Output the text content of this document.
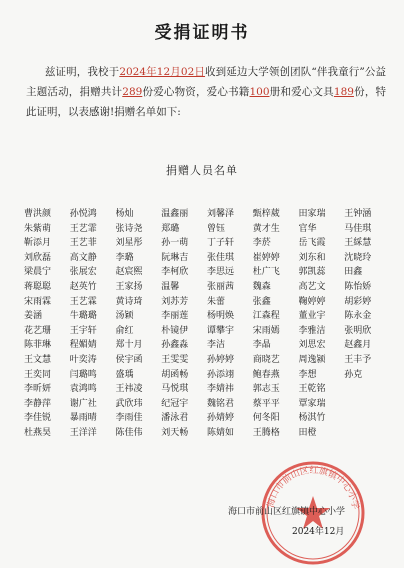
受捐证明书
兹证明，我校于2024年12月02日收到延边大学领创团队“伴我童行”公益主题活动，捐赠共计289份爱心物资，爱心书籍100册和爱心文具189份，特此证明，以表感谢!捐赠名单如下:
捐赠人员名单
曹洪颜	孙悦鸿	杨灿	温鑫丽	刘馨泽	甄梓葳	田家瑞	王钟涵
朱紫萌	王艺霏	张诗尧	郑璐	曾钰	黄才生	官华	马佳琪
靳添月	王艺菲	刘星彤	孙一萌	丁子轩	李菸	岳飞霞	王綵慧
刘欣磊	高文静	李璐	阮琳吉	张佳琪	崔婷婷	刘东和	沈晓玲
梁晨宁	张展宏	赵宸熙	李柯欣	李思远	杜广飞	郭凯蕊	田鑫
蒋聪聪	赵英竹	王家扬	温馨	张丽茜	魏森	高艺文	陈怡娇
宋雨霖	王艺霖	黄诗琦	刘苏芳	朱蕾	张鑫	鞠婷婷	胡彩婷
姜涵	牛璐璐	汤颖	李丽莲	杨明焕	江森程	董业宇	陈永金
花艺珊	王宇轩	俞红	朴镜伊	谭攀宇	宋雨嫣	李雅洁	张明欣
陈菲琳	程媚婧	郑十月	孙鑫淼	李洁	李晶	刘思宏	赵鑫月
王文慧	叶奕涛	侯宇函	王雯雯	孙婷婷	商晓艺	周逸颍	王丰予
王奕同	闫璐鸣	盛瑀	胡函畅	孙添翊	鲍春燕	李想	孙克
李昕妍	袁鸿鸣	王祎凌	马悦琪	李婧祎	郭志玉	王乾铭
李静萍	谢广社	武欣玮	纪冠宇	魏铭君	蔡平平	覃家瑞
李佳锐	暴雨晴	李雨佳	潘泳君	孙婧婷	何冬阳	杨淇竹
杜燕昊	王洋洋	陈佳伟	刘天畅	陈婧如	王腾格	田橙
海口市前山区红旗镇中心小学
海口市前山区红旗镇中心小学
2024年12月
